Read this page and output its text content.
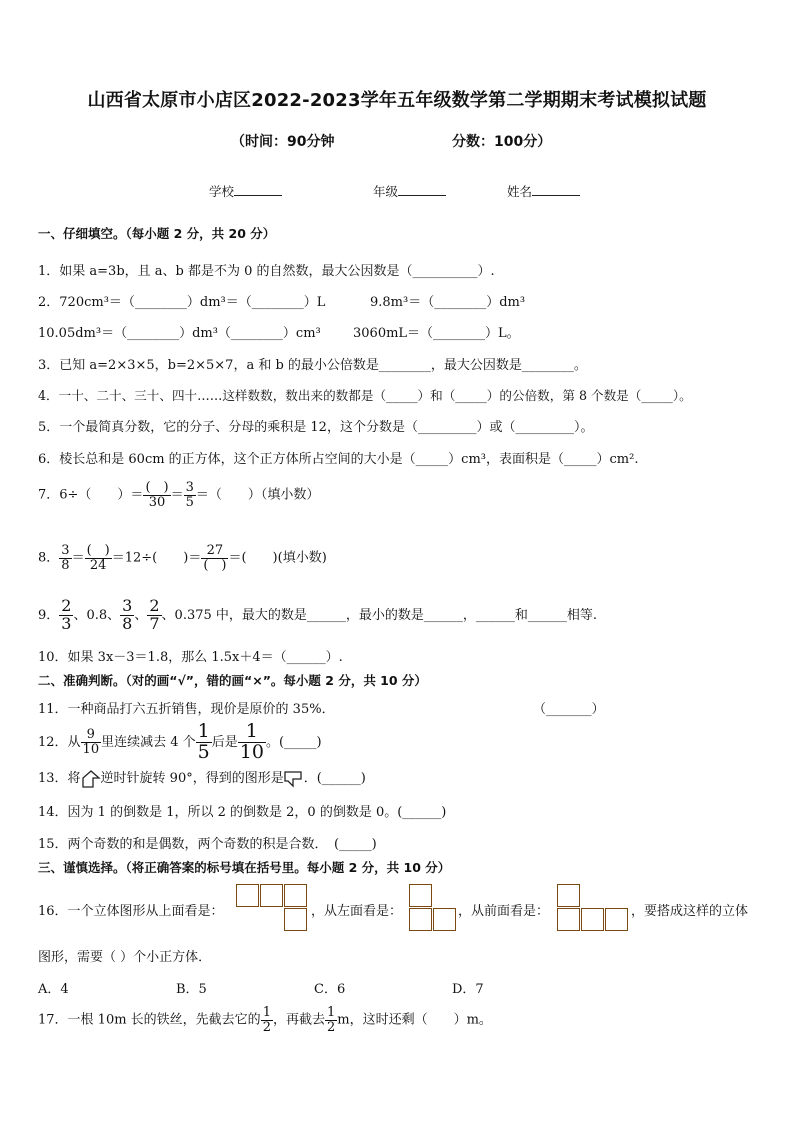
山西省太原市小店区2022-2023学年五年级数学第二学期期末考试模拟试题
（时间：90分钟	分数：100分）
学校	年级	姓名
一、仔细填空。（每小题 2 分，共 20 分）
1．如果 a=3b，且 a、b 都是不为 0 的自然数，最大公因数是（__________）.
2．720cm³＝（________）dm³＝（________）L	9.8m³＝（________）dm³
10.05dm³＝（________）dm³（________）cm³ 3060mL＝（________）L。
3．已知 a=2×3×5，b=2×5×7，a 和 b 的最小公倍数是________，最大公因数是________。
4．一十、二十、三十、四十……这样数数，数出来的数都是（_____）和（_____）的公倍数，第 8 个数是（_____）。
5．一个最简真分数，它的分子、分母的乘积是 12，这个分数是（_________）或（_________）。
6．棱长总和是 60cm 的正方体，这个正方体所占空间的大小是（_____）cm³，表面积是（_____）cm².
7．6÷（　　）＝ $\frac{( )}{30} = \frac{3}{5}$ ＝（　　）（填小数）
8． $\frac{3}{8} = \frac{( )}{24} =12\div$(　　)＝ $\frac{27}{( )}$ ＝(　　)(填小数)
9． $\frac{2}{3}$ 、0.8、 $\frac{3}{8}$ 、 $\frac{2}{7}$ 、0.375 中，最大的数是______，最小的数是______，______和______相等.
10．如果 3x－3＝1.8，那么 1.5x＋4＝（______）.
二、准确判断。（对的画“√”，错的画“×”。每小题 2 分，共 10 分）
11．一种商品打六五折销售，现价是原价的 35%．	（_______）
12．从 $\frac{9}{10}$ 里连续减去 4 个 $\frac{1}{5}$ 后是 $\frac{1}{10}$ 。(_____)
13．将 逆时针旋转 90°，得到的图形是 ．(______)
14．因为 1 的倒数是 1，所以 2 的倒数是 2，0 的倒数是 0。(______)
15．两个奇数的和是偶数，两个奇数的积是合数．　(_____)
三、谨慎选择。（将正确答案的标号填在括号里。每小题 2 分，共 10 分）
16．一个立体图形从上面看是：	，从左面看是：	，从前面看是：	，要搭成这样的立体
图形，需要（ ）个小正方体．
A．4	B．5	C．6	D．7
17．一根 10m 长的铁丝，先截去它的 $\frac{1}{2}$ ，再截去 $\frac{1}{2}$ m，这时还剩（　　）m。
